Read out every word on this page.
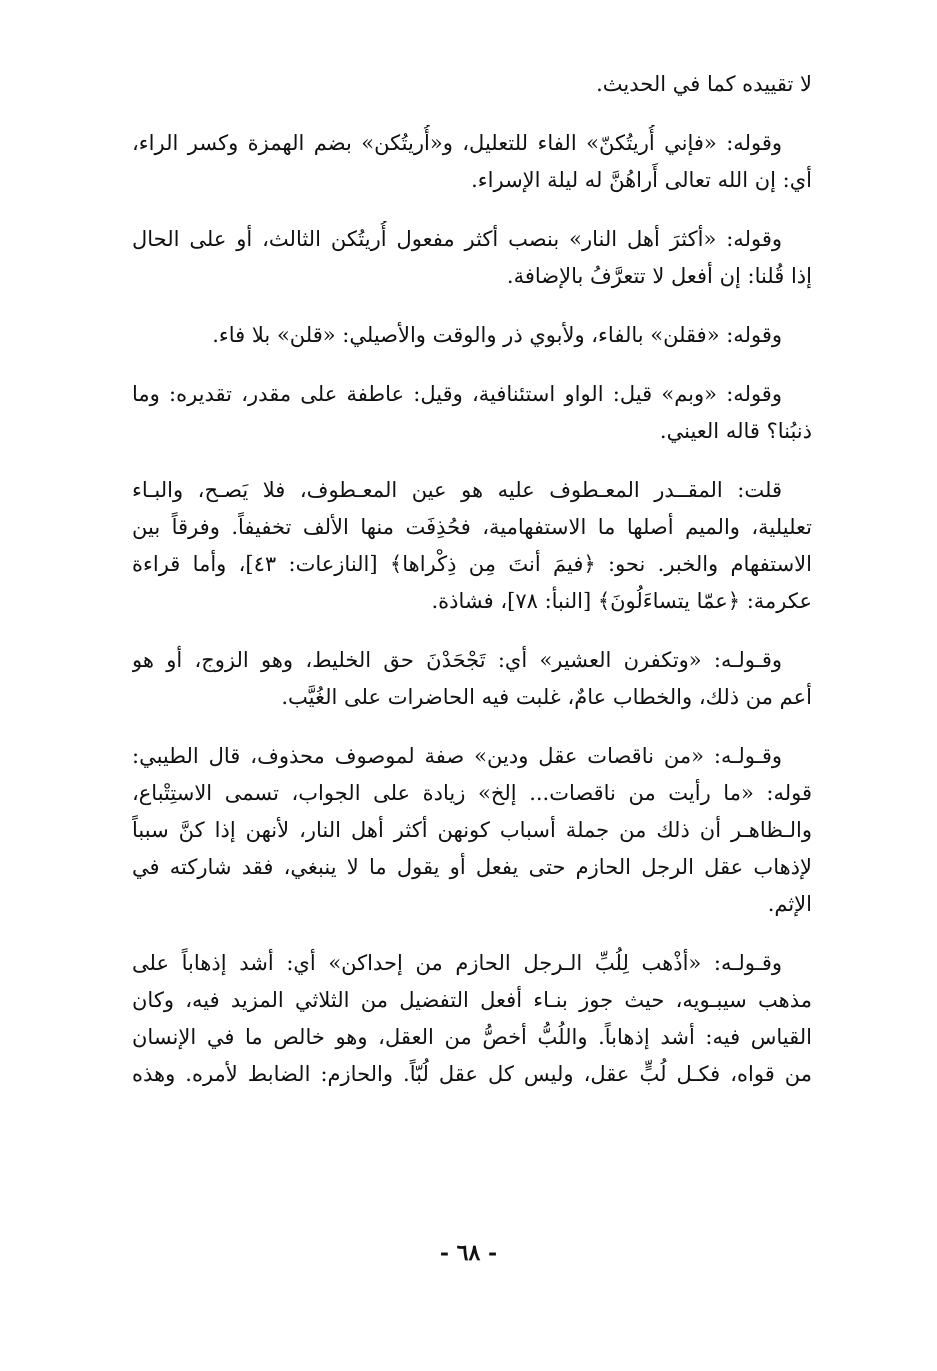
لا تقييده كما في الحديث.

وقوله: «فإني أُريتُكنّ» الفاء للتعليل، و«أُريتُكن» بضم الهمزة وكسر الراء،
أي: إن الله تعالى أَراهُنَّ له ليلة الإسراء.

وقوله: «أكثرَ أهل النار» بنصب أكثر مفعول أُريتُكن الثالث، أو على الحال
إذا قُلنا: إن أفعل لا تتعرَّفُ بالإضافة.

وقوله: «فقلن» بالفاء، ولأبوي ذر والوقت والأصيلي: «قلن» بلا فاء.

وقوله: «وبم» قيل: الواو استئنافية، وقيل: عاطفة على مقدر، تقديره: وما
ذنبُنا؟ قاله العيني.

قلت: المقــدر المعـطوف عليه هو عين المعـطوف، فلا يَصـح، والبـاء
تعليلية، والميم أصلها ما الاستفهامية، فحُذِفَت منها الألف تخفيفاً. وفرقاً بين
الاستفهام والخبر. نحو: ﴿فيمَ أنتَ مِن ذِكْراها﴾ [النازعات: ٤٣]، وأما قراءة
عكرمة: ﴿عمّا يتساءَلُونَ﴾ [النبأ: ٧٨]، فشاذة.

وقـولـه: «وتكفرن العشير» أي: تَجْحَدْنَ حق الخليط، وهو الزوج، أو هو
أعم من ذلك، والخطاب عامٌ، غلبت فيه الحاضرات على الغُيَّب.

وقـولـه: «من ناقصات عقل ودين» صفة لموصوف محذوف، قال الطيبي:
قوله: «ما رأيت من ناقصات... إلخ» زيادة على الجواب، تسمى الاستِتْباع،
والـظاهـر أن ذلك من جملة أسباب كونهن أكثر أهل النار، لأنهن إذا كنَّ سبباً
لإذهاب عقل الرجل الحازم حتى يفعل أو يقول ما لا ينبغي، فقد شاركته في
الإثم.

وقـولـه: «أذْهب لِلُبِّ الـرجل الحازم من إحداكن» أي: أشد إذهاباً على
مذهب سيبـويه، حيث جوز بنـاء أفعل التفضيل من الثلاثي المزيد فيه، وكان
القياس فيه: أشد إذهاباً. واللُبُّ أخصُّ من العقل، وهو خالص ما في الإنسان
من قواه، فكـل لُبٍّ عقل، وليس كل عقل لُبّاً. والحازم: الضابط لأمره. وهذه

- ٦٨ -
